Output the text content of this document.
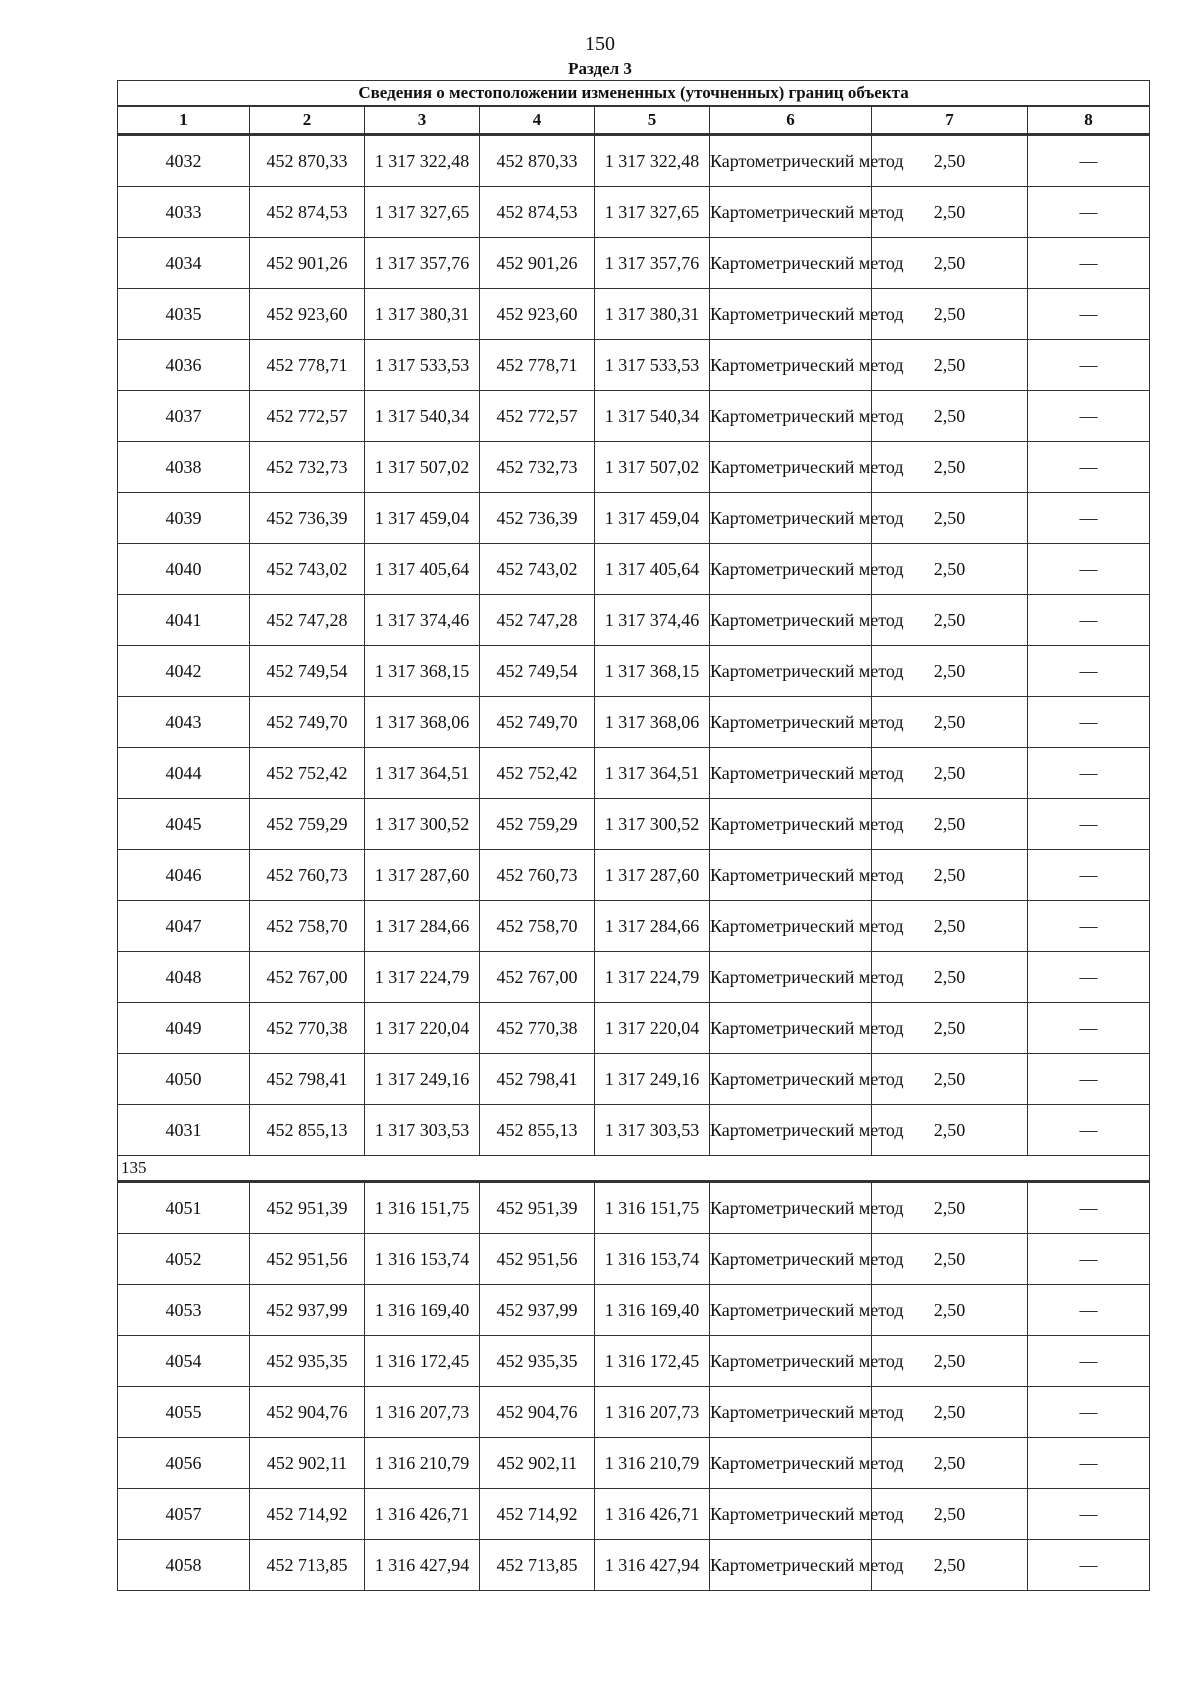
150
Раздел 3
Сведения о местоположении измененных (уточненных) границ объекта							
1	2	3	4	5	6	7	8
4032	452 870,33	1 317 322,48	452 870,33	1 317 322,48	Картометрический метод	2,50	—
4033	452 874,53	1 317 327,65	452 874,53	1 317 327,65	Картометрический метод	2,50	—
4034	452 901,26	1 317 357,76	452 901,26	1 317 357,76	Картометрический метод	2,50	—
4035	452 923,60	1 317 380,31	452 923,60	1 317 380,31	Картометрический метод	2,50	—
4036	452 778,71	1 317 533,53	452 778,71	1 317 533,53	Картометрический метод	2,50	—
4037	452 772,57	1 317 540,34	452 772,57	1 317 540,34	Картометрический метод	2,50	—
4038	452 732,73	1 317 507,02	452 732,73	1 317 507,02	Картометрический метод	2,50	—
4039	452 736,39	1 317 459,04	452 736,39	1 317 459,04	Картометрический метод	2,50	—
4040	452 743,02	1 317 405,64	452 743,02	1 317 405,64	Картометрический метод	2,50	—
4041	452 747,28	1 317 374,46	452 747,28	1 317 374,46	Картометрический метод	2,50	—
4042	452 749,54	1 317 368,15	452 749,54	1 317 368,15	Картометрический метод	2,50	—
4043	452 749,70	1 317 368,06	452 749,70	1 317 368,06	Картометрический метод	2,50	—
4044	452 752,42	1 317 364,51	452 752,42	1 317 364,51	Картометрический метод	2,50	—
4045	452 759,29	1 317 300,52	452 759,29	1 317 300,52	Картометрический метод	2,50	—
4046	452 760,73	1 317 287,60	452 760,73	1 317 287,60	Картометрический метод	2,50	—
4047	452 758,70	1 317 284,66	452 758,70	1 317 284,66	Картометрический метод	2,50	—
4048	452 767,00	1 317 224,79	452 767,00	1 317 224,79	Картометрический метод	2,50	—
4049	452 770,38	1 317 220,04	452 770,38	1 317 220,04	Картометрический метод	2,50	—
4050	452 798,41	1 317 249,16	452 798,41	1 317 249,16	Картометрический метод	2,50	—
4031	452 855,13	1 317 303,53	452 855,13	1 317 303,53	Картометрический метод	2,50	—
135							
4051	452 951,39	1 316 151,75	452 951,39	1 316 151,75	Картометрический метод	2,50	—
4052	452 951,56	1 316 153,74	452 951,56	1 316 153,74	Картометрический метод	2,50	—
4053	452 937,99	1 316 169,40	452 937,99	1 316 169,40	Картометрический метод	2,50	—
4054	452 935,35	1 316 172,45	452 935,35	1 316 172,45	Картометрический метод	2,50	—
4055	452 904,76	1 316 207,73	452 904,76	1 316 207,73	Картометрический метод	2,50	—
4056	452 902,11	1 316 210,79	452 902,11	1 316 210,79	Картометрический метод	2,50	—
4057	452 714,92	1 316 426,71	452 714,92	1 316 426,71	Картометрический метод	2,50	—
4058	452 713,85	1 316 427,94	452 713,85	1 316 427,94	Картометрический метод	2,50	—
